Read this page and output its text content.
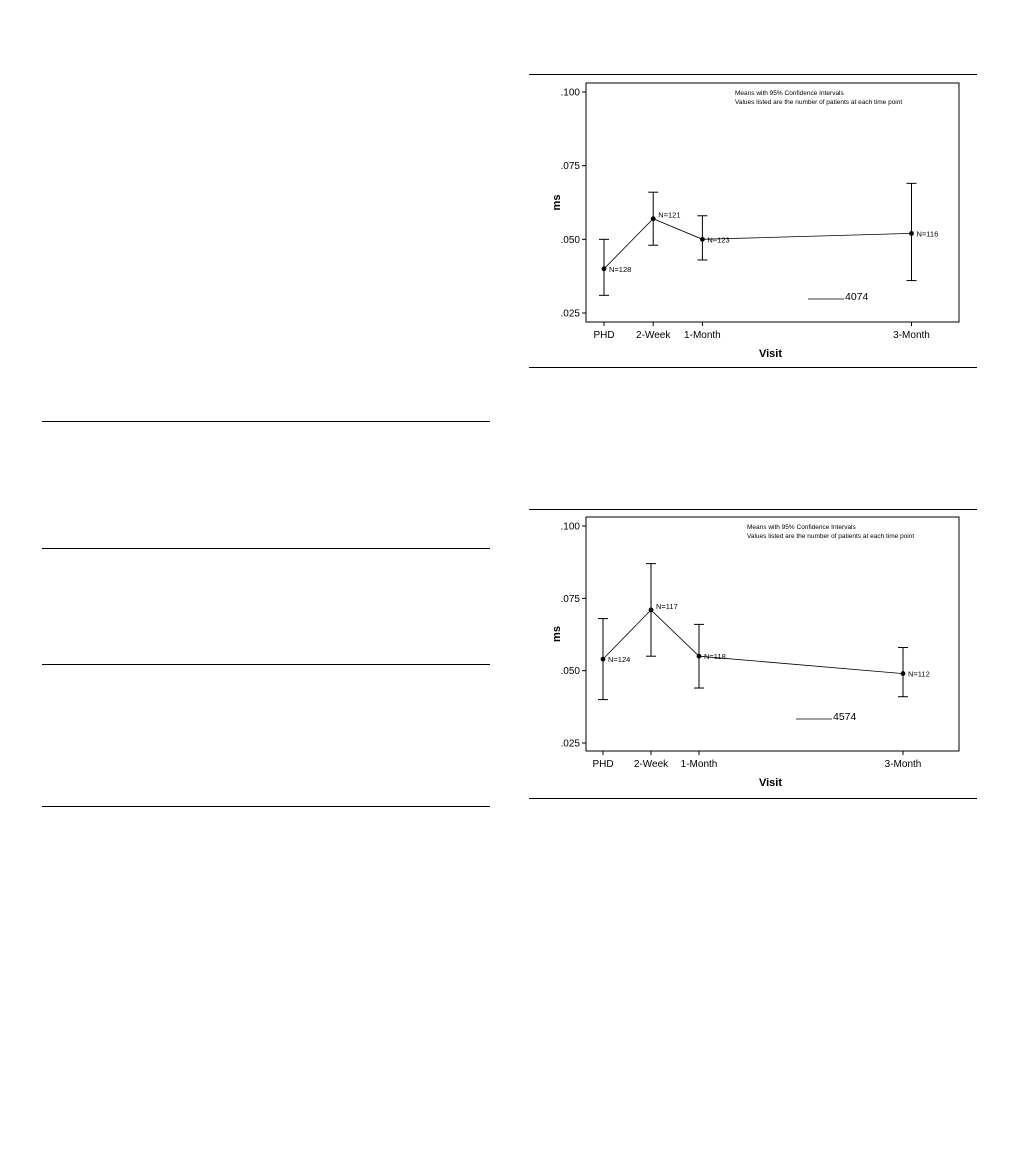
.100
.075
.050
.025
ms
PHD 2-Week 1-Month	3-Month
Visit
Means with 95% Confidence Intervals
Values listed are the number of patients at each time point
N=128
N=121
N=123
N=116
4074
.100
.075
.050
.025
ms
PHD 2-Week 1-Month	3-Month
Visit
Means with 95% Confidence Intervals
Values listed are the number of patients at each time point
N=124
N=117
N=118
N=112
4574
